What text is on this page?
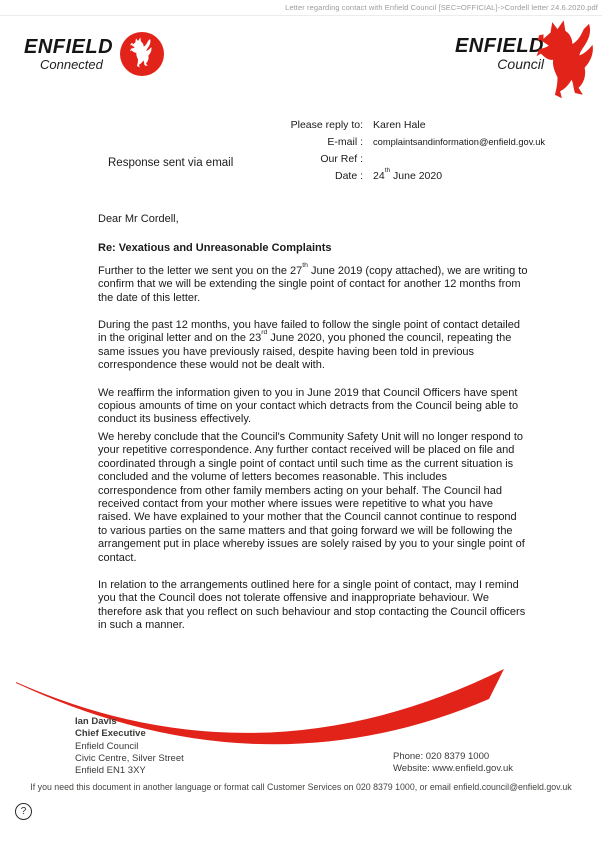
Letter regarding contact with Enfield Council [SEC=OFFICIAL]->Cordell letter 24.6.2020.pdf
ENFIELD
Connected
ENFIELD
Council
Response sent via email
Please reply to: Karen Hale
E-mail : complaintsandinformation@enfield.gov.uk
Our Ref :
Date : 24th June 2020

Dear Mr Cordell,

Re: Vexatious and Unreasonable Complaints

Further to the letter we sent you on the 27th June 2019 (copy attached), we are writing to confirm that we will be extending the single point of contact for another 12 months from the date of this letter.

During the past 12 months, you have failed to follow the single point of contact detailed in the original letter and on the 23rd June 2020, you phoned the council, repeating the same issues you have previously raised, despite having been told in previous correspondence these would not be dealt with.

We reaffirm the information given to you in June 2019 that Council Officers have spent copious amounts of time on your contact which detracts from the Council being able to conduct its business effectively.

We hereby conclude that the Council's Community Safety Unit will no longer respond to your repetitive correspondence. Any further contact received will be placed on file and coordinated through a single point of contact until such time as the current situation is concluded and the volume of letters becomes reasonable. This includes correspondence from other family members acting on your behalf. The Council had received contact from your mother where issues were repetitive to what you have raised. We have explained to your mother that the Council cannot continue to respond to various parties on the same matters and that going forward we will be following the arrangement put in place whereby issues are solely raised by you to your single point of contact.

In relation to the arrangements outlined here for a single point of contact, may I remind you that the Council does not tolerate offensive and inappropriate behaviour. We therefore ask that you reflect on such behaviour and stop contacting the Council officers in such a manner.

Ian Davis
Chief Executive
Enfield Council
Civic Centre, Silver Street
Enfield EN1 3XY
Phone: 020 8379 1000
Website: www.enfield.gov.uk
If you need this document in another language or format call Customer Services on 020 8379 1000, or email enfield.council@enfield.gov.uk
?
